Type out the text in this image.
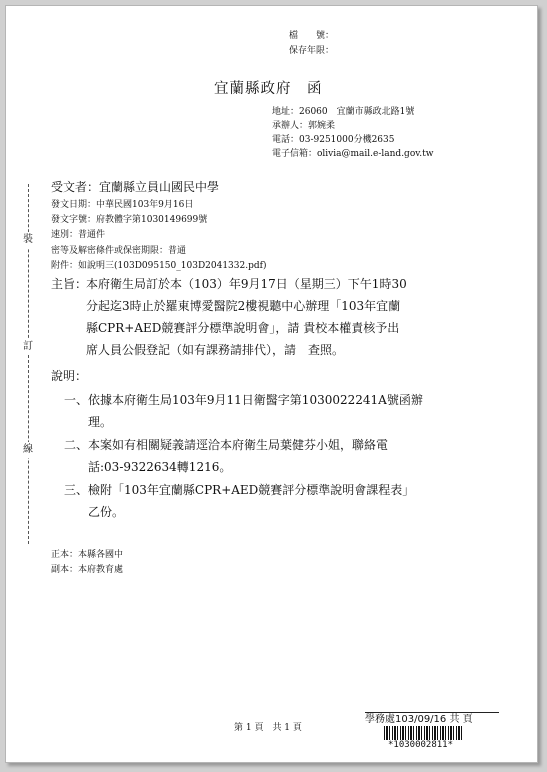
檔　　號：
保存年限：
宜蘭縣政府　函
地址：26060　宜蘭市縣政北路1號
承辦人：郭婉柔
電話：03-9251000分機2635
電子信箱：olivia@mail.e-land.gov.tw
受文者：宜蘭縣立員山國民中學
發文日期：中華民國103年9月16日
發文字號：府教體字第1030149699號
速別：普通件
密等及解密條件或保密期限：普通
附件：如說明三(103D095150_103D2041332.pdf)
裝
訂
線
主旨：
本府衛生局訂於本（103）年9月17日（星期三）下午1時30
分起迄3時止於羅東博愛醫院2樓視聽中心辦理「103年宜蘭
縣CPR+AED競賽評分標準說明會」，請 貴校本權責核予出
席人員公假登記（如有課務請排代），請　查照。
說明：
一、 依據本府衛生局103年9月11日衛醫字第1030022241A號函辦
理。
二、 本案如有相關疑義請逕洽本府衛生局葉健芬小姐，聯絡電
話:03-9322634轉1216。
三、 檢附「103年宜蘭縣CPR+AED競賽評分標準說明會課程表」
乙份。
正本：本縣各國中
副本：本府教育處
第 1 頁　共 1 頁
學務處103/09/16 共 頁
*1030002811*
